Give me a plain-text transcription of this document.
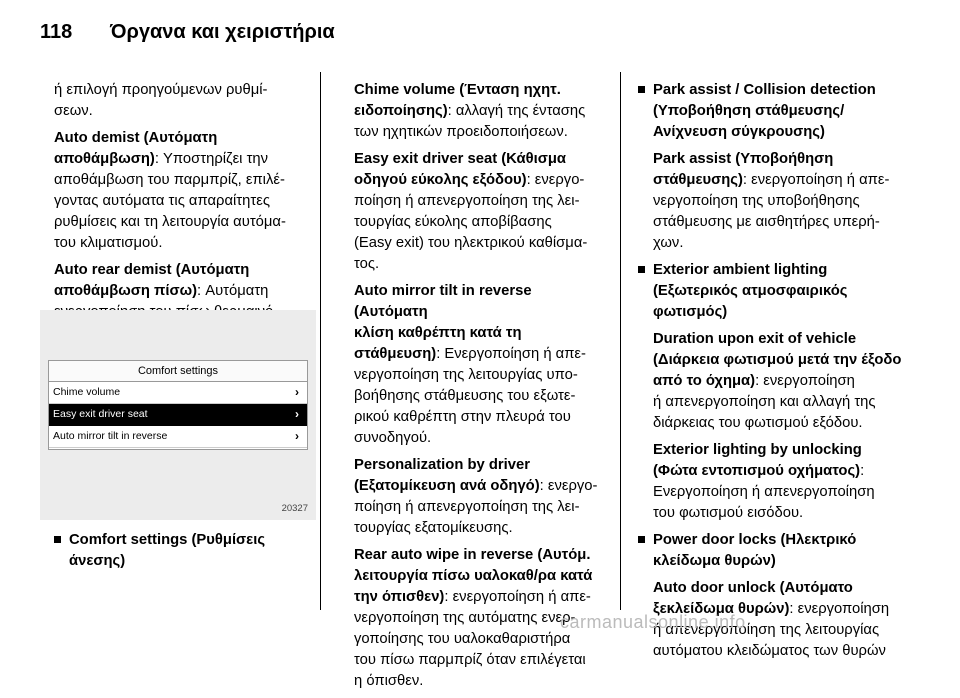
118 Όργανα και χειριστήρια

ή επιλογή προηγούμενων ρυθμί-
σεων.

Auto demist (Αυτόματη
αποθάμβωση): Υποστηρίζει την
αποθάμβωση του παρμπρίζ, επιλέ-
γοντας αυτόματα τις απαραίτητες
ρυθμίσεις και τη λειτουργία αυτόμα-
του κλιματισμού.

Auto rear demist (Αυτόματη
αποθάμβωση πίσω): Αυτόματη

Comfort settings
Chime volume	›
Easy exit driver seat	›
Auto mirror tilt in reverse	›
20327
Comfort settings (Ρυθμίσεις
άνεσης)

Chime volume (Ένταση ηχητ.
ειδοποίησης): αλλαγή της έντασης
των ηχητικών προειδοποιήσεων.

Easy exit driver seat (Κάθισμα
οδηγού εύκολης εξόδου): ενεργο-
ποίηση ή απενεργοποίηση της λει-
τουργίας εύκολης αποβίβασης
(Easy exit) του ηλεκτρικού καθίσμα-
τος.

Auto mirror tilt in reverse (Αυτόματη
κλίση καθρέπτη κατά τη
στάθμευση): Ενεργοποίηση ή απε-
νεργοποίηση της λειτουργίας υπο-
βοήθησης στάθμευσης του εξωτε-
ρικού καθρέπτη στην πλευρά του
συνοδηγού.

Personalization by driver
(Εξατομίκευση ανά οδηγό): ενεργο-
ποίηση ή απενεργοποίηση της λει-
τουργίας εξατομίκευσης.

Rear auto wipe in reverse (Αυτόμ.
λειτουργία πίσω υαλοκαθ/ρα κατά
την όπισθεν): ενεργοποίηση ή απε-
νεργοποίηση της αυτόματης ενερ-
γοποίησης του υαλοκαθαριστήρα
του πίσω παρμπρίζ όταν επιλέγεται
η όπισθεν.

Park assist / Collision detection
(Υποβοήθηση στάθμευσης/
Ανίχνευση σύγκρουσης)

Park assist (Υποβοήθηση
στάθμευσης): ενεργοποίηση ή απε-
νεργοποίηση της υποβοήθησης
στάθμευσης με αισθητήρες υπερή-
χων.

Exterior ambient lighting
(Εξωτερικός ατμοσφαιρικός
φωτισμός)

Duration upon exit of vehicle
(Διάρκεια φωτισμού μετά την έξοδο
από το όχημα): ενεργοποίηση
ή απενεργοποίηση και αλλαγή της
διάρκειας του φωτισμού εξόδου.

Exterior lighting by unlocking
(Φώτα εντοπισμού οχήματος):
Ενεργοποίηση ή απενεργοποίηση
του φωτισμού εισόδου.

Power door locks (Ηλεκτρικό
κλείδωμα θυρών)

Auto door unlock (Αυτόματο
ξεκλείδωμα θυρών): ενεργοποίηση
ή απενεργοποίηση της λειτουργίας
αυτόματου κλειδώματος των θυρών

carmanualsonline.info
